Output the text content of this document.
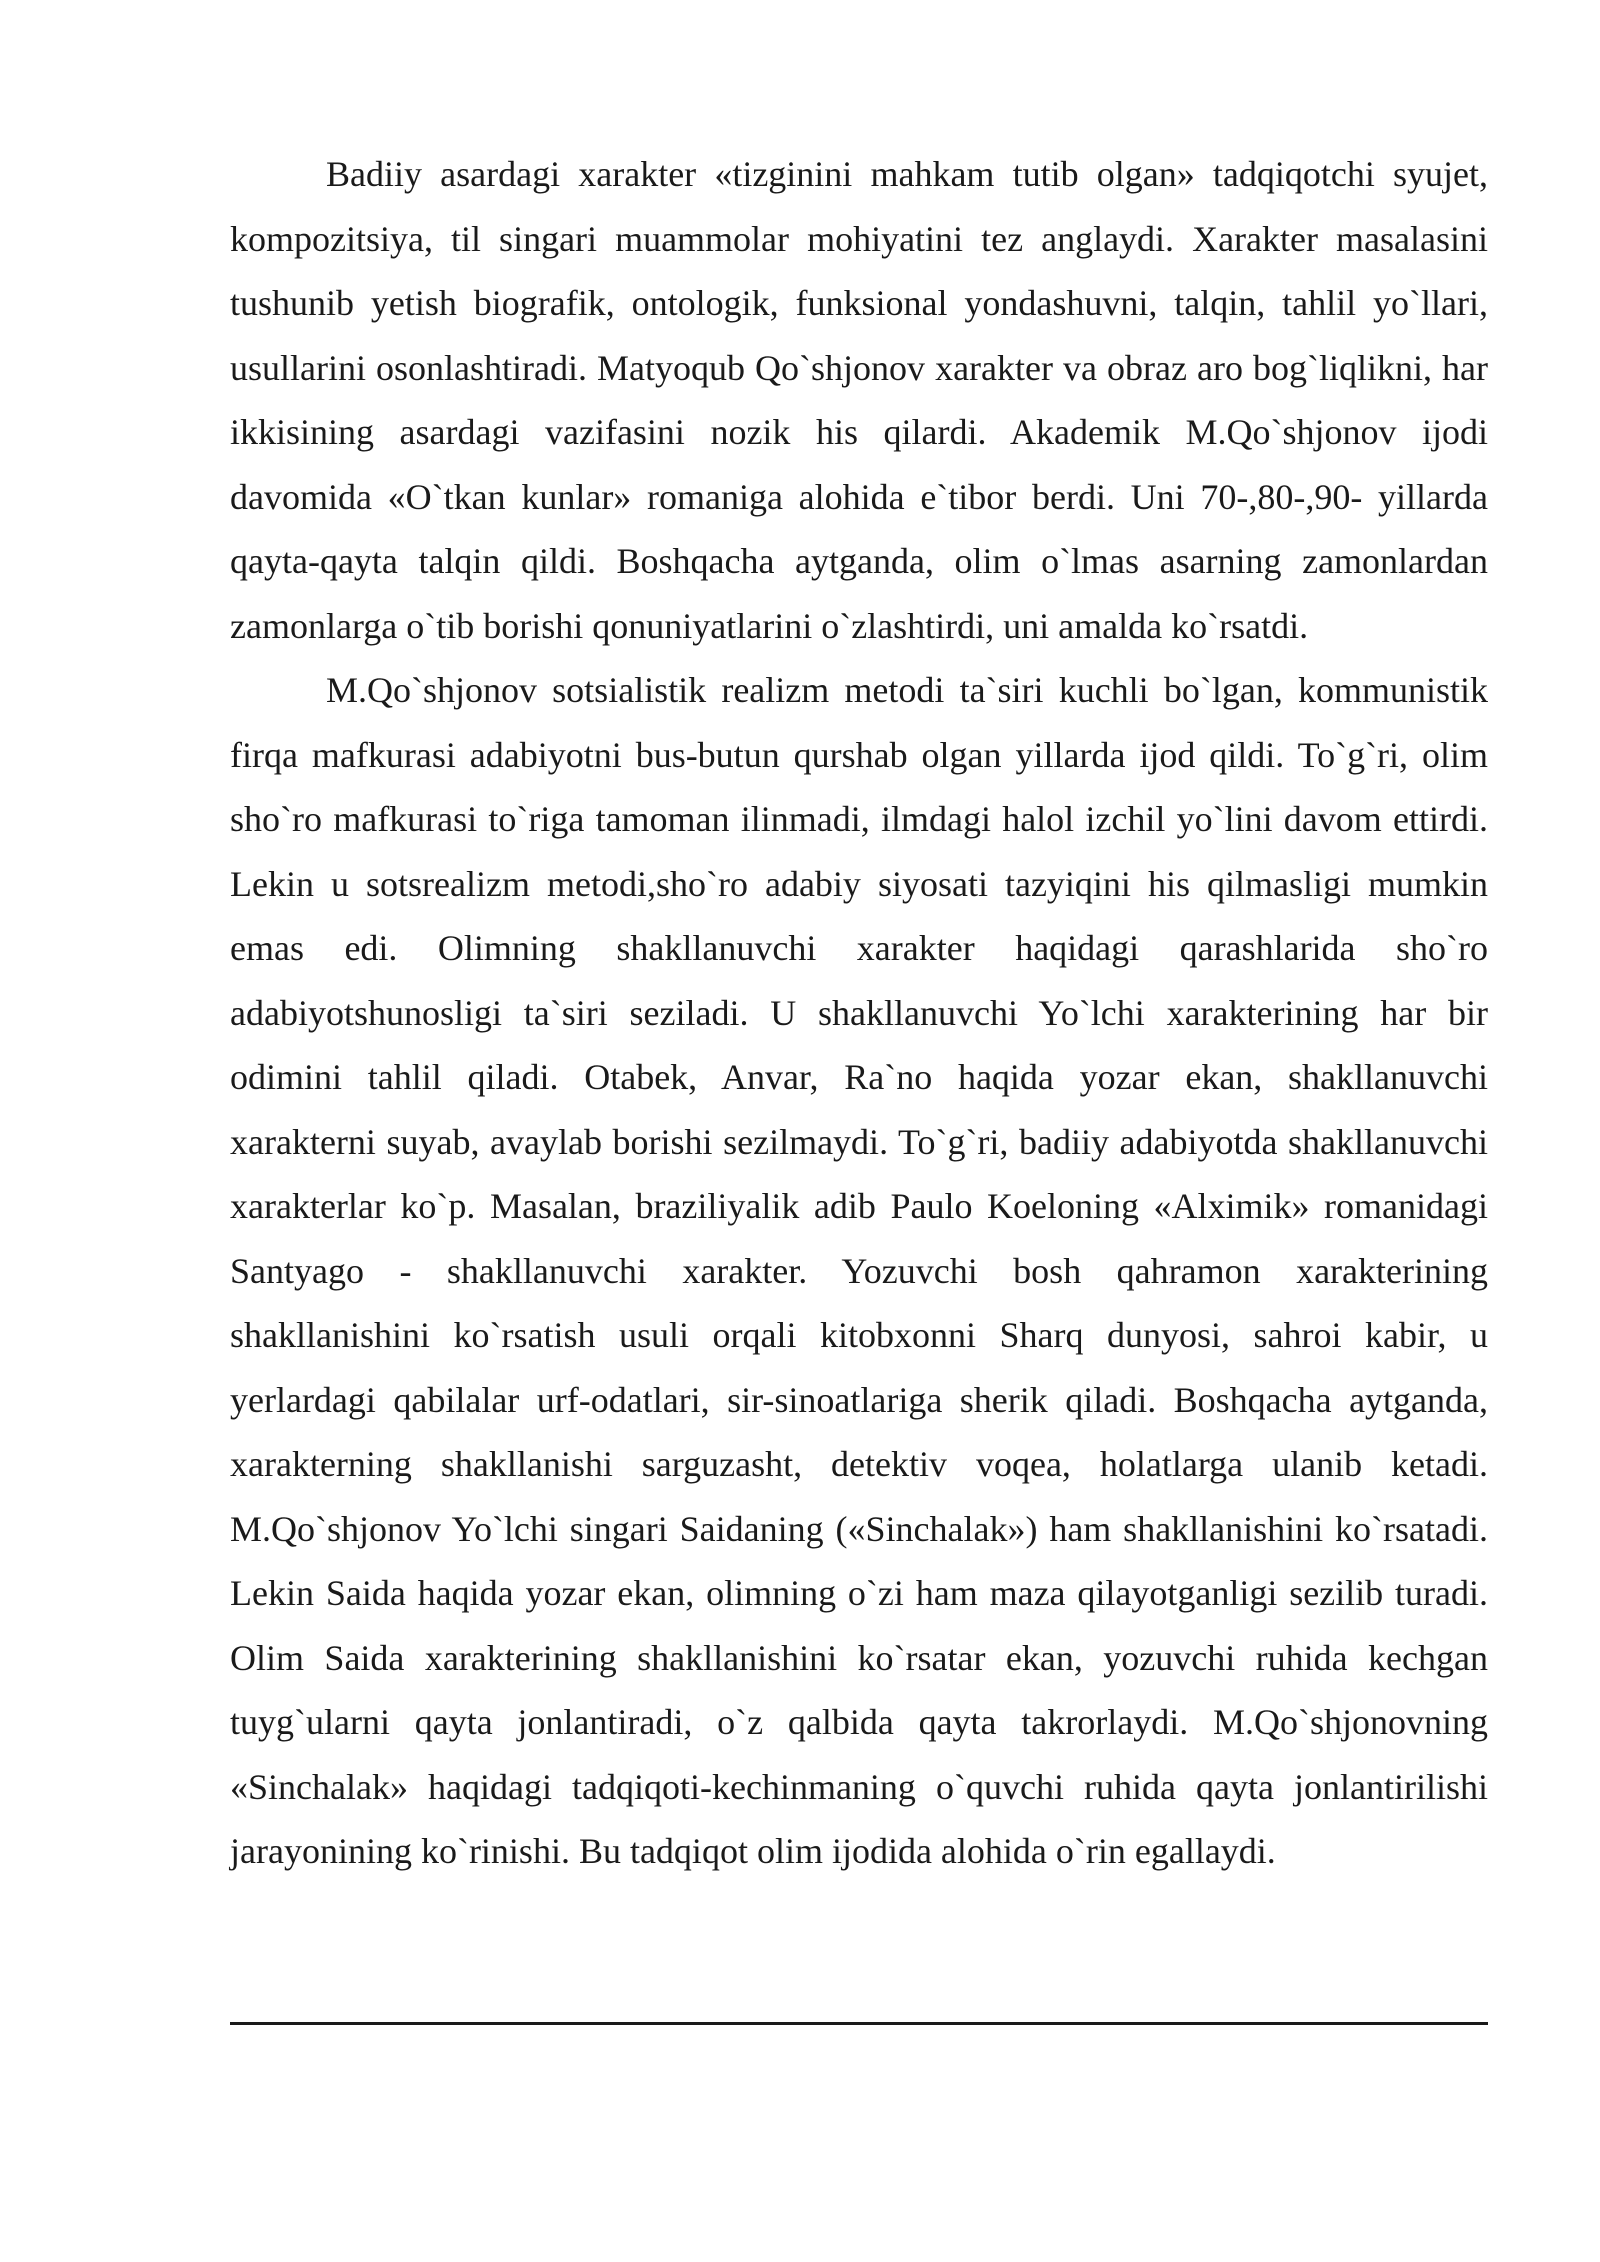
Badiiy asardagi xarakter «tizginini mahkam tutib olgan» tadqiqotchi syujet, kompozitsiya, til singari muammolar mohiyatini tez anglaydi. Xarakter masalasini tushunib yetish biografik, ontologik, funksional yondashuvni, talqin, tahlil yo`llari, usullarini osonlashtiradi. Matyoqub Qo`shjonov xarakter va obraz aro bog`liqlikni, har ikkisining asardagi vazifasini nozik his qilardi. Akademik M.Qo`shjonov ijodi davomida «O`tkan kunlar» romaniga alohida e`tibor berdi. Uni 70-,80-,90- yillarda qayta-qayta talqin qildi. Boshqacha aytganda, olim o`lmas asarning zamonlardan zamonlarga o`tib borishi qonuniyatlarini o`zlashtirdi, uni amalda ko`rsatdi.

M.Qo`shjonov sotsialistik realizm metodi ta`siri kuchli bo`lgan, kommunistik firqa mafkurasi adabiyotni bus-butun qurshab olgan yillarda ijod qildi. To`g`ri, olim sho`ro mafkurasi to`riga tamoman ilinmadi, ilmdagi halol izchil yo`lini davom ettirdi. Lekin u sotsrealizm metodi,sho`ro adabiy siyosati tazyiqini his qilmasligi mumkin emas edi. Olimning shakllanuvchi xarakter haqidagi qarashlarida sho`ro adabiyotshunosligi ta`siri seziladi. U shakllanuvchi Yo`lchi xarakterining har bir odimini tahlil qiladi. Otabek, Anvar, Ra`no haqida yozar ekan, shakllanuvchi xarakterni suyab, avaylab borishi sezilmaydi. To`g`ri, badiiy adabiyotda shakllanuvchi xarakterlar ko`p. Masalan, braziliyalik adib Paulo Koeloning «Alximik» romanidagi Santyago - shakllanuvchi xarakter. Yozuvchi bosh qahramon xarakterining shakllanishini ko`rsatish usuli orqali kitobxonni Sharq dunyosi, sahroi kabir, u yerlardagi qabilalar urf-odatlari, sir-sinoatlariga sherik qiladi. Boshqacha aytganda, xarakterning shakllanishi sarguzasht, detektiv voqea, holatlarga ulanib ketadi. M.Qo`shjonov Yo`lchi singari Saidaning («Sinchalak») ham shakllanishini ko`rsatadi. Lekin Saida haqida yozar ekan, olimning o`zi ham maza qilayotganligi sezilib turadi. Olim Saida xarakterining shakllanishini ko`rsatar ekan, yozuvchi ruhida kechgan tuyg`ularni qayta jonlantiradi, o`z qalbida qayta takrorlaydi. M.Qo`shjonovning «Sinchalak» haqidagi tadqiqoti-kechinmaning o`quvchi ruhida qayta jonlantirilishi jarayonining ko`rinishi. Bu tadqiqot olim ijodida alohida o`rin egallaydi.
